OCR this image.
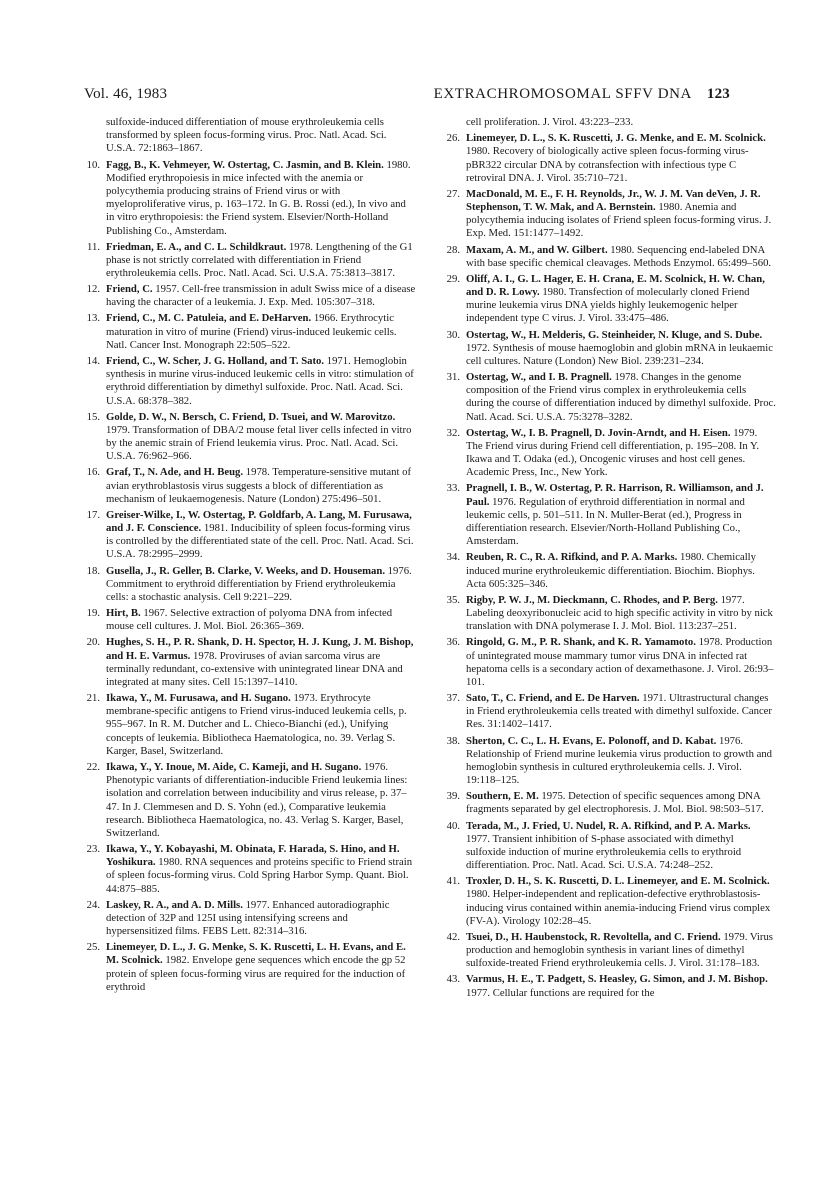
Vol. 46, 1983	EXTRACHROMOSOMAL SFFV DNA 123
sulfoxide-induced differentiation of mouse erythroleukemia cells transformed by spleen focus-forming virus. Proc. Natl. Acad. Sci. U.S.A. 72:1863–1867.
10. Fagg, B., K. Vehmeyer, W. Ostertag, C. Jasmin, and B. Klein. 1980. Modified erythropoiesis in mice infected with the anemia or polycythemia producing strains of Friend virus or with myeloproliferative virus, p. 163–172. In G. B. Rossi (ed.), In vivo and in vitro erythropoiesis: the Friend system. Elsevier/North-Holland Publishing Co., Amsterdam.
11. Friedman, E. A., and C. L. Schildkraut. 1978. Lengthening of the G1 phase is not strictly correlated with differentiation in Friend erythroleukemia cells. Proc. Natl. Acad. Sci. U.S.A. 75:3813–3817.
12. Friend, C. 1957. Cell-free transmission in adult Swiss mice of a disease having the character of a leukemia. J. Exp. Med. 105:307–318.
13. Friend, C., M. C. Patuleia, and E. DeHarven. 1966. Erythrocytic maturation in vitro of murine (Friend) virus-induced leukemic cells. Natl. Cancer Inst. Monograph 22:505–522.
14. Friend, C., W. Scher, J. G. Holland, and T. Sato. 1971. Hemoglobin synthesis in murine virus-induced leukemic cells in vitro: stimulation of erythroid differentiation by dimethyl sulfoxide. Proc. Natl. Acad. Sci. U.S.A. 68:378–382.
15. Golde, D. W., N. Bersch, C. Friend, D. Tsuei, and W. Marovitzo. 1979. Transformation of DBA/2 mouse fetal liver cells infected in vitro by the anemic strain of Friend leukemia virus. Proc. Natl. Acad. Sci. U.S.A. 76:962–966.
16. Graf, T., N. Ade, and H. Beug. 1978. Temperature-sensitive mutant of avian erythroblastosis virus suggests a block of differentiation as mechanism of leukaemogenesis. Nature (London) 275:496–501.
17. Greiser-Wilke, I., W. Ostertag, P. Goldfarb, A. Lang, M. Furusawa, and J. F. Conscience. 1981. Inducibility of spleen focus-forming virus is controlled by the differentiated state of the cell. Proc. Natl. Acad. Sci. U.S.A. 78:2995–2999.
18. Gusella, J., R. Geller, B. Clarke, V. Weeks, and D. Houseman. 1976. Commitment to erythroid differentiation by Friend erythroleukemia cells: a stochastic analysis. Cell 9:221–229.
19. Hirt, B. 1967. Selective extraction of polyoma DNA from infected mouse cell cultures. J. Mol. Biol. 26:365–369.
20. Hughes, S. H., P. R. Shank, D. H. Spector, H. J. Kung, J. M. Bishop, and H. E. Varmus. 1978. Proviruses of avian sarcoma virus are terminally redundant, co-extensive with unintegrated linear DNA and integrated at many sites. Cell 15:1397–1410.
21. Ikawa, Y., M. Furusawa, and H. Sugano. 1973. Erythrocyte membrane-specific antigens to Friend virus-induced leukemia cells, p. 955–967. In R. M. Dutcher and L. Chieco-Bianchi (ed.), Unifying concepts of leukemia. Bibliotheca Haematologica, no. 39. Verlag S. Karger, Basel, Switzerland.
22. Ikawa, Y., Y. Inoue, M. Aide, C. Kameji, and H. Sugano. 1976. Phenotypic variants of differentiation-inducible Friend leukemia lines: isolation and correlation between inducibility and virus release, p. 37–47. In J. Clemmesen and D. S. Yohn (ed.), Comparative leukemia research. Bibliotheca Haematologica, no. 43. Verlag S. Karger, Basel, Switzerland.
23. Ikawa, Y., Y. Kobayashi, M. Obinata, F. Harada, S. Hino, and H. Yoshikura. 1980. RNA sequences and proteins specific to Friend strain of spleen focus-forming virus. Cold Spring Harbor Symp. Quant. Biol. 44:875–885.
24. Laskey, R. A., and A. D. Mills. 1977. Enhanced autoradiographic detection of 32P and 125I using intensifying screens and hypersensitized films. FEBS Lett. 82:314–316.
25. Linemeyer, D. L., J. G. Menke, S. K. Ruscetti, L. H. Evans, and E. M. Scolnick. 1982. Envelope gene sequences which encode the gp 52 protein of spleen focus-forming virus are required for the induction of erythroid
cell proliferation. J. Virol. 43:223–233.
26. Linemeyer, D. L., S. K. Ruscetti, J. G. Menke, and E. M. Scolnick. 1980. Recovery of biologically active spleen focus-forming virus-pBR322 circular DNA by cotransfection with infectious type C retroviral DNA. J. Virol. 35:710–721.
27. MacDonald, M. E., F. H. Reynolds, Jr., W. J. M. Van deVen, J. R. Stephenson, T. W. Mak, and A. Bernstein. 1980. Anemia and polycythemia inducing isolates of Friend spleen focus-forming virus. J. Exp. Med. 151:1477–1492.
28. Maxam, A. M., and W. Gilbert. 1980. Sequencing end-labeled DNA with base specific chemical cleavages. Methods Enzymol. 65:499–560.
29. Oliff, A. I., G. L. Hager, E. H. Crana, E. M. Scolnick, H. W. Chan, and D. R. Lowy. 1980. Transfection of molecularly cloned Friend murine leukemia virus DNA yields highly leukemogenic helper independent type C virus. J. Virol. 33:475–486.
30. Ostertag, W., H. Melderis, G. Steinheider, N. Kluge, and S. Dube. 1972. Synthesis of mouse haemoglobin and globin mRNA in leukaemic cell cultures. Nature (London) New Biol. 239:231–234.
31. Ostertag, W., and I. B. Pragnell. 1978. Changes in the genome composition of the Friend virus complex in erythroleukemia cells during the course of differentiation induced by dimethyl sulfoxide. Proc. Natl. Acad. Sci. U.S.A. 75:3278–3282.
32. Ostertag, W., I. B. Pragnell, D. Jovin-Arndt, and H. Eisen. 1979. The Friend virus during Friend cell differentiation, p. 195–208. In Y. Ikawa and T. Odaka (ed.), Oncogenic viruses and host cell genes. Academic Press, Inc., New York.
33. Pragnell, I. B., W. Ostertag, P. R. Harrison, R. Williamson, and J. Paul. 1976. Regulation of erythroid differentiation in normal and leukemic cells, p. 501–511. In N. Muller-Berat (ed.), Progress in differentiation research. Elsevier/North-Holland Publishing Co., Amsterdam.
34. Reuben, R. C., R. A. Rifkind, and P. A. Marks. 1980. Chemically induced murine erythroleukemic differentiation. Biochim. Biophys. Acta 605:325–346.
35. Rigby, P. W. J., M. Dieckmann, C. Rhodes, and P. Berg. 1977. Labeling deoxyribonucleic acid to high specific activity in vitro by nick translation with DNA polymerase I. J. Mol. Biol. 113:237–251.
36. Ringold, G. M., P. R. Shank, and K. R. Yamamoto. 1978. Production of unintegrated mouse mammary tumor virus DNA in infected rat hepatoma cells is a secondary action of dexamethasone. J. Virol. 26:93–101.
37. Sato, T., C. Friend, and E. De Harven. 1971. Ultrastructural changes in Friend erythroleukemia cells treated with dimethyl sulfoxide. Cancer Res. 31:1402–1417.
38. Sherton, C. C., L. H. Evans, E. Polonoff, and D. Kabat. 1976. Relationship of Friend murine leukemia virus production to growth and hemoglobin synthesis in cultured erythroleukemia cells. J. Virol. 19:118–125.
39. Southern, E. M. 1975. Detection of specific sequences among DNA fragments separated by gel electrophoresis. J. Mol. Biol. 98:503–517.
40. Terada, M., J. Fried, U. Nudel, R. A. Rifkind, and P. A. Marks. 1977. Transient inhibition of S-phase associated with dimethyl sulfoxide induction of murine erythroleukemia cells to erythroid differentiation. Proc. Natl. Acad. Sci. U.S.A. 74:248–252.
41. Troxler, D. H., S. K. Ruscetti, D. L. Linemeyer, and E. M. Scolnick. 1980. Helper-independent and replication-defective erythroblastosis-inducing virus contained within anemia-inducing Friend virus complex (FV-A). Virology 102:28–45.
42. Tsuei, D., H. Haubenstock, R. Revoltella, and C. Friend. 1979. Virus production and hemoglobin synthesis in variant lines of dimethyl sulfoxide-treated Friend erythroleukemia cells. J. Virol. 31:178–183.
43. Varmus, H. E., T. Padgett, S. Heasley, G. Simon, and J. M. Bishop. 1977. Cellular functions are required for the
